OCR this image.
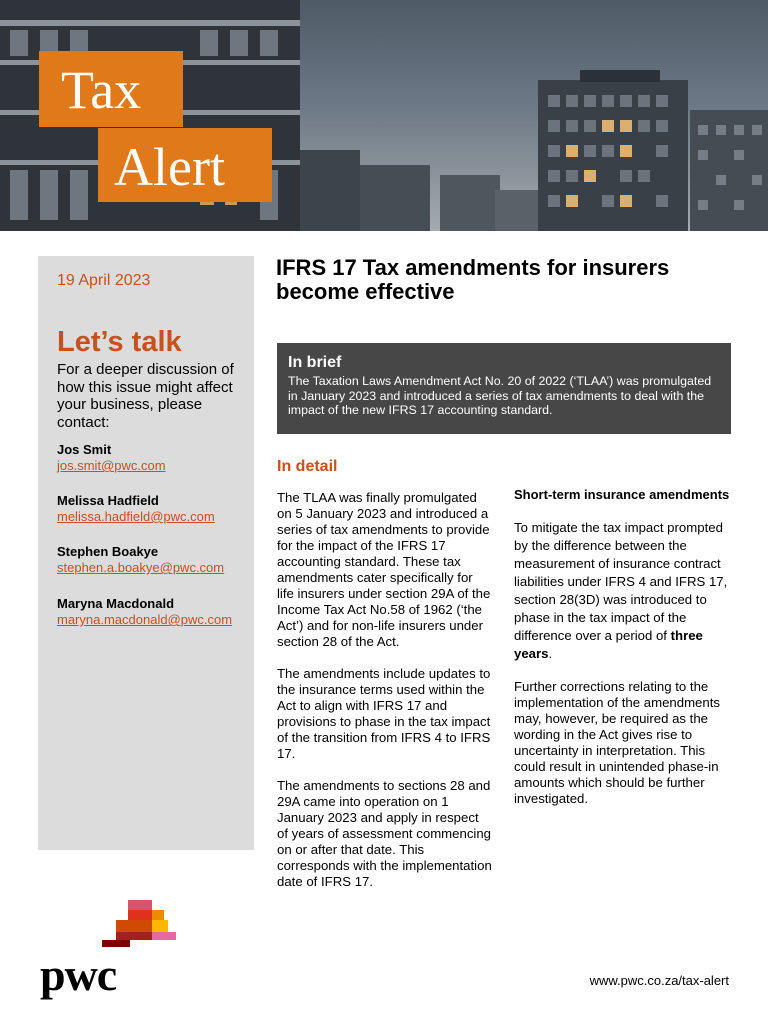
Tax
Alert
19 April 2023
Let’s talk
For a deeper discussion of how this issue might affect your business, please contact:
Jos Smit
jos.smit@pwc.com
Melissa Hadfield
melissa.hadfield@pwc.com
Stephen Boakye
stephen.a.boakye@pwc.com
Maryna Macdonald
maryna.macdonald@pwc.com
IFRS 17 Tax amendments for insurers become effective
In brief
The Taxation Laws Amendment Act No. 20 of 2022 (‘TLAA’) was promulgated in January 2023 and introduced a series of tax amendments to deal with the impact of the new IFRS 17 accounting standard.
In detail

The TLAA was finally promulgated on 5 January 2023 and introduced a series of tax amendments to provide for the impact of the IFRS 17 accounting standard. These tax amendments cater specifically for life insurers under section 29A of the Income Tax Act No.58 of 1962 (‘the Act’) and for non-life insurers under section 28 of the Act.

The amendments include updates to the insurance terms used within the Act to align with IFRS 17 and provisions to phase in the tax impact of the transition from IFRS 4 to IFRS 17.

The amendments to sections 28 and 29A came into operation on 1 January 2023 and apply in respect of years of assessment commencing on or after that date. This corresponds with the implementation date of IFRS 17.

Short-term insurance amendments

To mitigate the tax impact prompted by the difference between the measurement of insurance contract liabilities under IFRS 4 and IFRS 17, section 28(3D) was introduced to phase in the tax impact of the difference over a period of three years.

Further corrections relating to the implementation of the amendments may, however, be required as the wording in the Act gives rise to uncertainty in interpretation. This could result in unintended phase-in amounts which should be further investigated.

pwc	www.pwc.co.za/tax-alert
